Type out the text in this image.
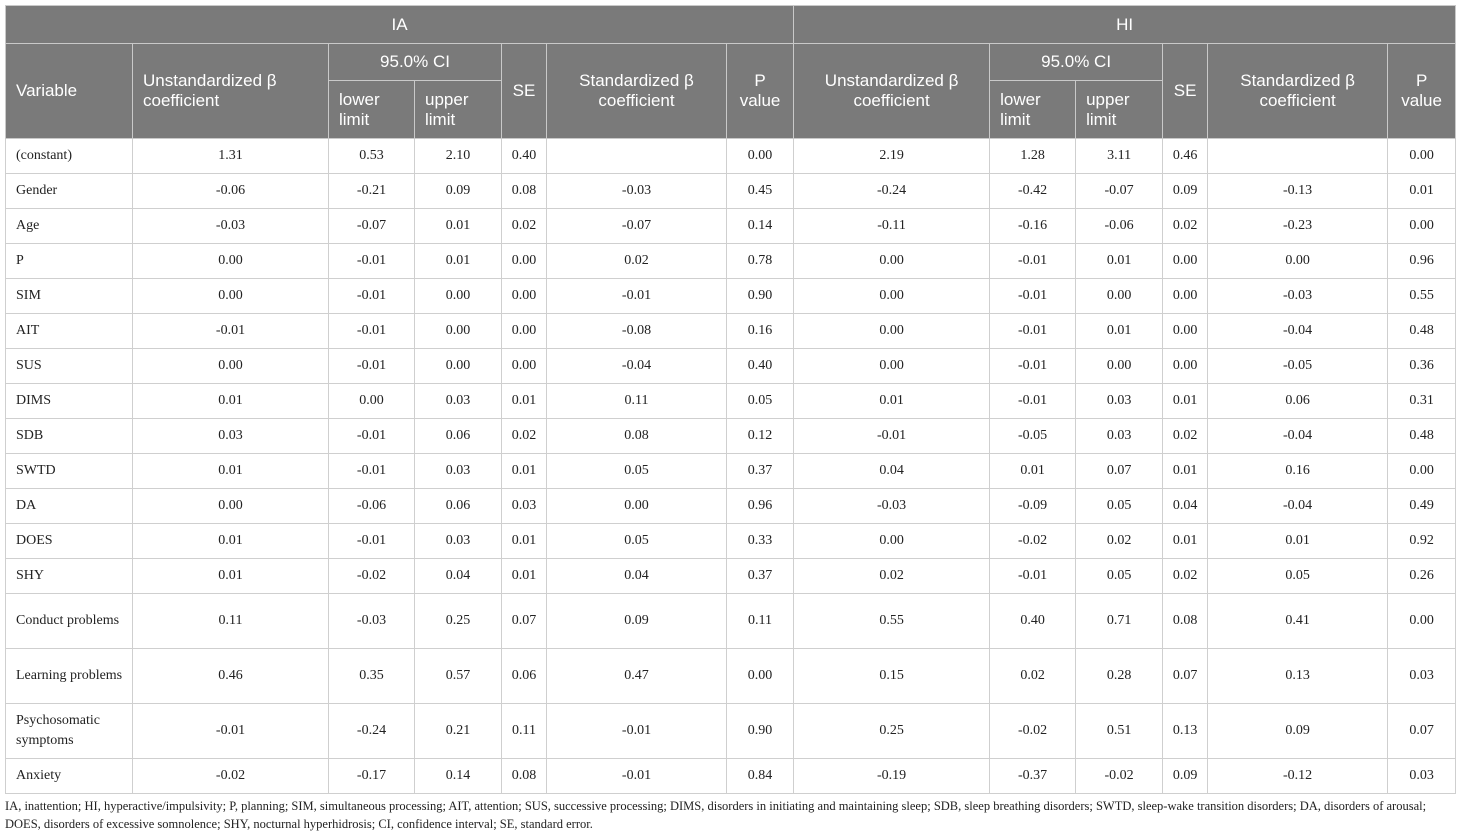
IA							HI					
Variable	Unstandardized β coefficient	95.0% CI		SE	Standardized β coefficient	P value	Unstandardized β coefficient	95.0% CI		SE	Standardized β coefficient	P value
		lower limit	upper limit					lower limit	upper limit			
(constant)	1.31	0.53	2.10	0.40		0.00	2.19	1.28	3.11	0.46		0.00
Gender	-0.06	-0.21	0.09	0.08	-0.03	0.45	-0.24	-0.42	-0.07	0.09	-0.13	0.01
Age	-0.03	-0.07	0.01	0.02	-0.07	0.14	-0.11	-0.16	-0.06	0.02	-0.23	0.00
P	0.00	-0.01	0.01	0.00	0.02	0.78	0.00	-0.01	0.01	0.00	0.00	0.96
SIM	0.00	-0.01	0.00	0.00	-0.01	0.90	0.00	-0.01	0.00	0.00	-0.03	0.55
AIT	-0.01	-0.01	0.00	0.00	-0.08	0.16	0.00	-0.01	0.01	0.00	-0.04	0.48
SUS	0.00	-0.01	0.00	0.00	-0.04	0.40	0.00	-0.01	0.00	0.00	-0.05	0.36
DIMS	0.01	0.00	0.03	0.01	0.11	0.05	0.01	-0.01	0.03	0.01	0.06	0.31
SDB	0.03	-0.01	0.06	0.02	0.08	0.12	-0.01	-0.05	0.03	0.02	-0.04	0.48
SWTD	0.01	-0.01	0.03	0.01	0.05	0.37	0.04	0.01	0.07	0.01	0.16	0.00
DA	0.00	-0.06	0.06	0.03	0.00	0.96	-0.03	-0.09	0.05	0.04	-0.04	0.49
DOES	0.01	-0.01	0.03	0.01	0.05	0.33	0.00	-0.02	0.02	0.01	0.01	0.92
SHY	0.01	-0.02	0.04	0.01	0.04	0.37	0.02	-0.01	0.05	0.02	0.05	0.26
Conduct problems	0.11	-0.03	0.25	0.07	0.09	0.11	0.55	0.40	0.71	0.08	0.41	0.00
Learning problems	0.46	0.35	0.57	0.06	0.47	0.00	0.15	0.02	0.28	0.07	0.13	0.03
Psychosomatic symptoms	-0.01	-0.24	0.21	0.11	-0.01	0.90	0.25	-0.02	0.51	0.13	0.09	0.07
Anxiety	-0.02	-0.17	0.14	0.08	-0.01	0.84	-0.19	-0.37	-0.02	0.09	-0.12	0.03
IA, inattention; HI, hyperactive/impulsivity; P, planning; SIM, simultaneous processing; AIT, attention; SUS, successive processing; DIMS, disorders in initiating and maintaining sleep; SDB, sleep breathing disorders; SWTD, sleep-wake transition disorders; DA, disorders of arousal; DOES, disorders of excessive somnolence; SHY, nocturnal hyperhidrosis; CI, confidence interval; SE, standard error.
